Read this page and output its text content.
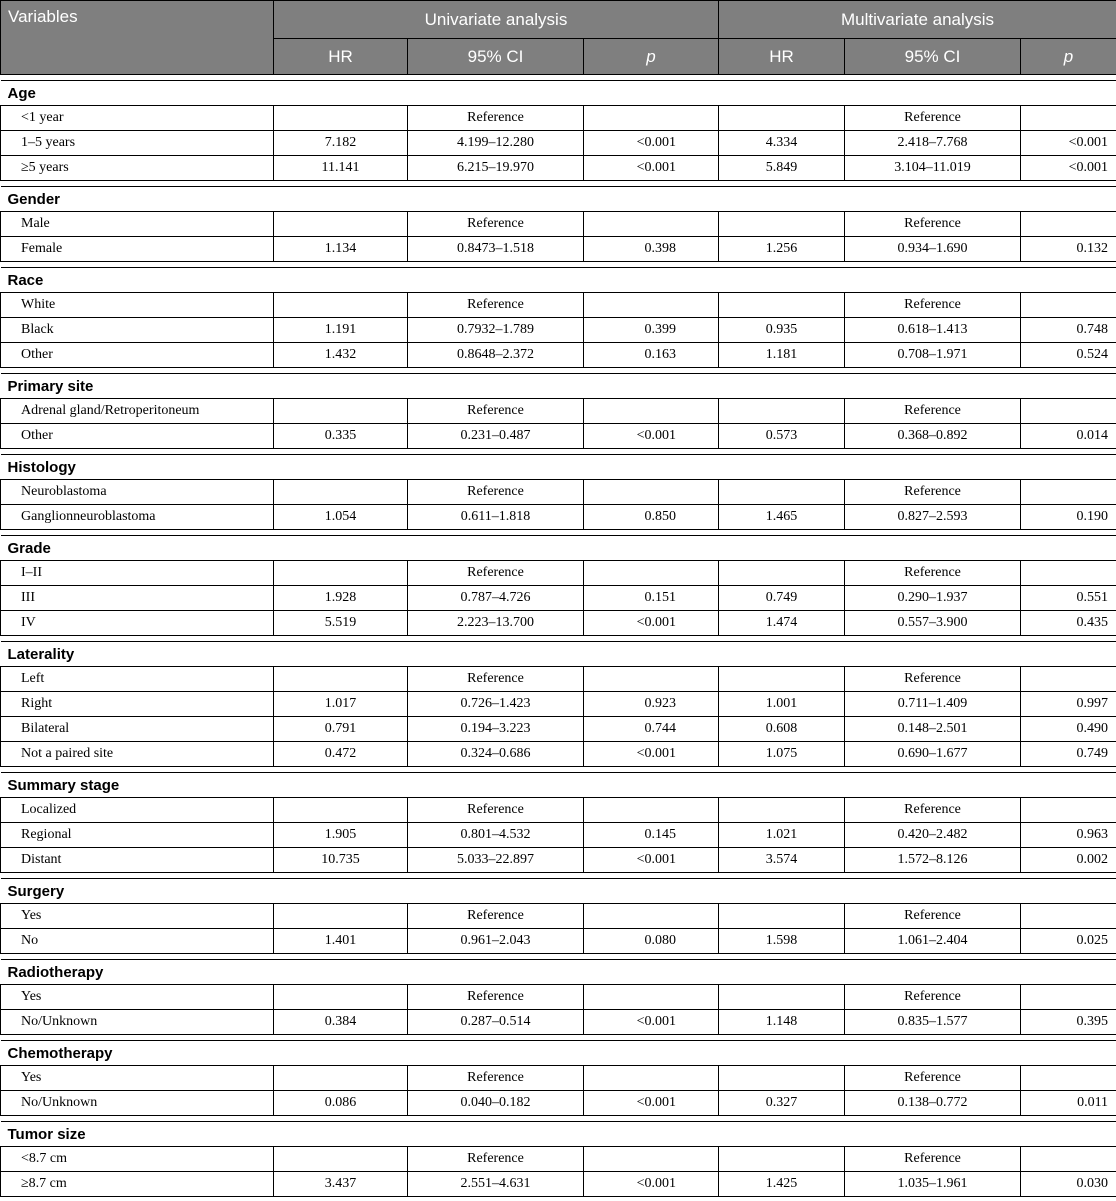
Variables	Univariate analysis			Multivariate analysis		
	HR	95% CI	p	HR	95% CI	p

Age						
<1 year		Reference			Reference	
1–5 years	7.182	4.199–12.280	<0.001	4.334	2.418–7.768	<0.001
≥5 years	11.141	6.215–19.970	<0.001	5.849	3.104–11.019	<0.001

Gender						
Male		Reference			Reference	
Female	1.134	0.8473–1.518	0.398	1.256	0.934–1.690	0.132

Race						
White		Reference			Reference	
Black	1.191	0.7932–1.789	0.399	0.935	0.618–1.413	0.748
Other	1.432	0.8648–2.372	0.163	1.181	0.708–1.971	0.524

Primary site						
Adrenal gland/Retroperitoneum		Reference			Reference	
Other	0.335	0.231–0.487	<0.001	0.573	0.368–0.892	0.014

Histology						
Neuroblastoma		Reference			Reference	
Ganglionneuroblastoma	1.054	0.611–1.818	0.850	1.465	0.827–2.593	0.190

Grade						
I–II		Reference			Reference	
III	1.928	0.787–4.726	0.151	0.749	0.290–1.937	0.551
IV	5.519	2.223–13.700	<0.001	1.474	0.557–3.900	0.435

Laterality						
Left		Reference			Reference	
Right	1.017	0.726–1.423	0.923	1.001	0.711–1.409	0.997
Bilateral	0.791	0.194–3.223	0.744	0.608	0.148–2.501	0.490
Not a paired site	0.472	0.324–0.686	<0.001	1.075	0.690–1.677	0.749

Summary stage						
Localized		Reference			Reference	
Regional	1.905	0.801–4.532	0.145	1.021	0.420–2.482	0.963
Distant	10.735	5.033–22.897	<0.001	3.574	1.572–8.126	0.002

Surgery						
Yes		Reference			Reference	
No	1.401	0.961–2.043	0.080	1.598	1.061–2.404	0.025

Radiotherapy						
Yes		Reference			Reference	
No/Unknown	0.384	0.287–0.514	<0.001	1.148	0.835–1.577	0.395

Chemotherapy						
Yes		Reference			Reference	
No/Unknown	0.086	0.040–0.182	<0.001	0.327	0.138–0.772	0.011

Tumor size						
<8.7 cm		Reference			Reference	
≥8.7 cm	3.437	2.551–4.631	<0.001	1.425	1.035–1.961	0.030
